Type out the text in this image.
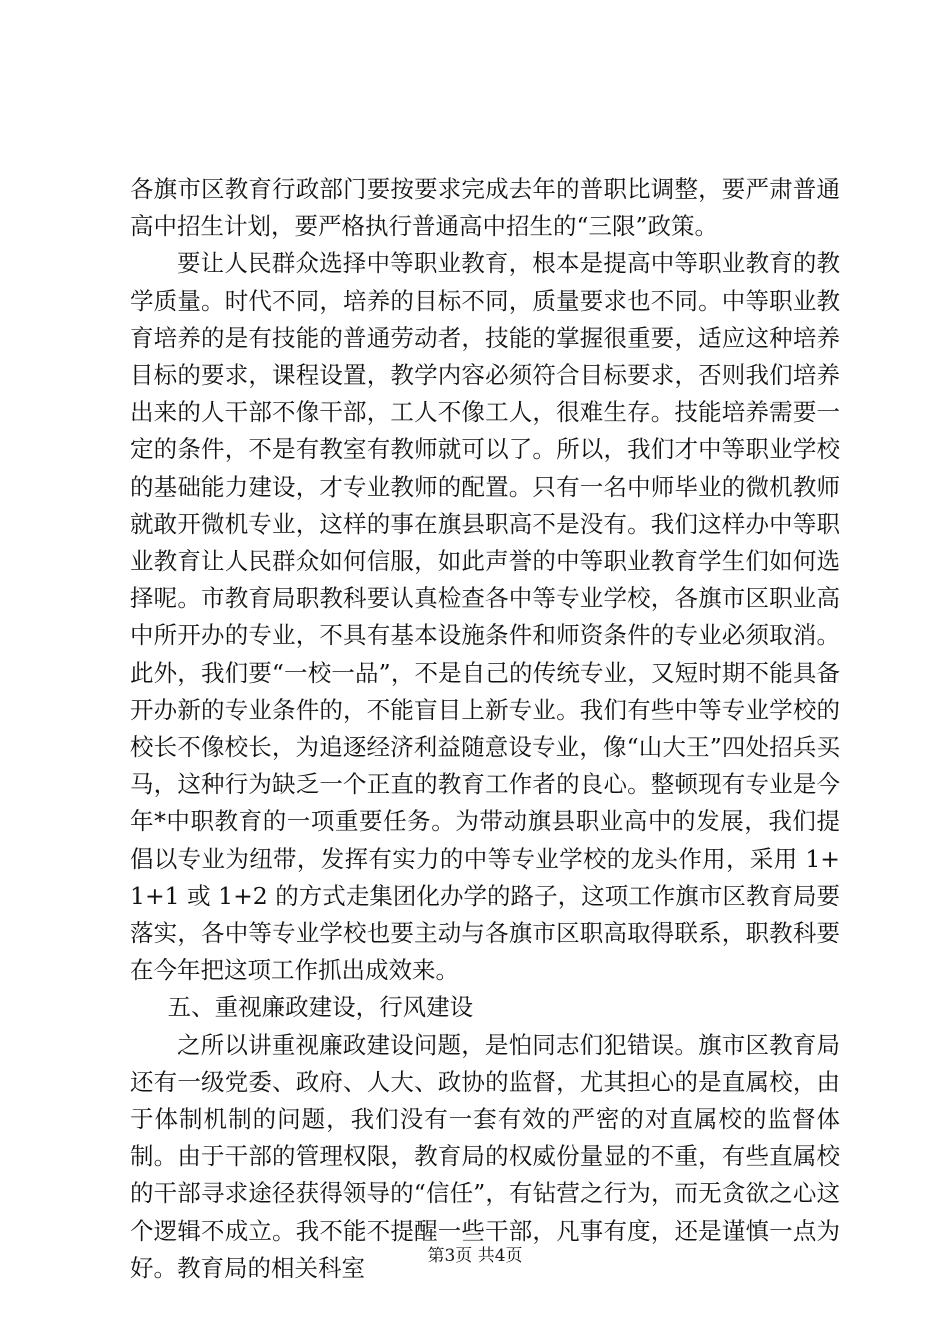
各旗市区教育行政部门要按要求完成去年的普职比调整，要严肃普通高中招生计划，要严格执行普通高中招生的“三限”政策。

要让人民群众选择中等职业教育，根本是提高中等职业教育的教学质量。时代不同，培养的目标不同，质量要求也不同。中等职业教育培养的是有技能的普通劳动者，技能的掌握很重要，适应这种培养目标的要求，课程设置，教学内容必须符合目标要求，否则我们培养出来的人干部不像干部，工人不像工人，很难生存。技能培养需要一定的条件，不是有教室有教师就可以了。所以，我们才中等职业学校的基础能力建设，才专业教师的配置。只有一名中师毕业的微机教师就敢开微机专业，这样的事在旗县职高不是没有。我们这样办中等职业教育让人民群众如何信服，如此声誉的中等职业教育学生们如何选择呢。市教育局职教科要认真检查各中等专业学校，各旗市区职业高中所开办的专业，不具有基本设施条件和师资条件的专业必须取消。此外，我们要“一校一品”，不是自己的传统专业，又短时期不能具备开办新的专业条件的，不能盲目上新专业。我们有些中等专业学校的校长不像校长，为追逐经济利益随意设专业，像“山大王”四处招兵买马，这种行为缺乏一个正直的教育工作者的良心。整顿现有专业是今年*中职教育的一项重要任务。为带动旗县职业高中的发展，我们提倡以专业为纽带，发挥有实力的中等专业学校的龙头作用，采用 1+1+1 或 1+2 的方式走集团化办学的路子，这项工作旗市区教育局要落实，各中等专业学校也要主动与各旗市区职高取得联系，职教科要在今年把这项工作抓出成效来。

五、重视廉政建设，行风建设

之所以讲重视廉政建设问题，是怕同志们犯错误。旗市区教育局还有一级党委、政府、人大、政协的监督，尤其担心的是直属校，由于体制机制的问题，我们没有一套有效的严密的对直属校的监督体制。由于干部的管理权限，教育局的权威份量显的不重，有些直属校的干部寻求途径获得领导的“信任”，有钻营之行为，而无贪欲之心这个逻辑不成立。我不能不提醒一些干部，凡事有度，还是谨慎一点为好。教育局的相关科室	第3页 共4页
